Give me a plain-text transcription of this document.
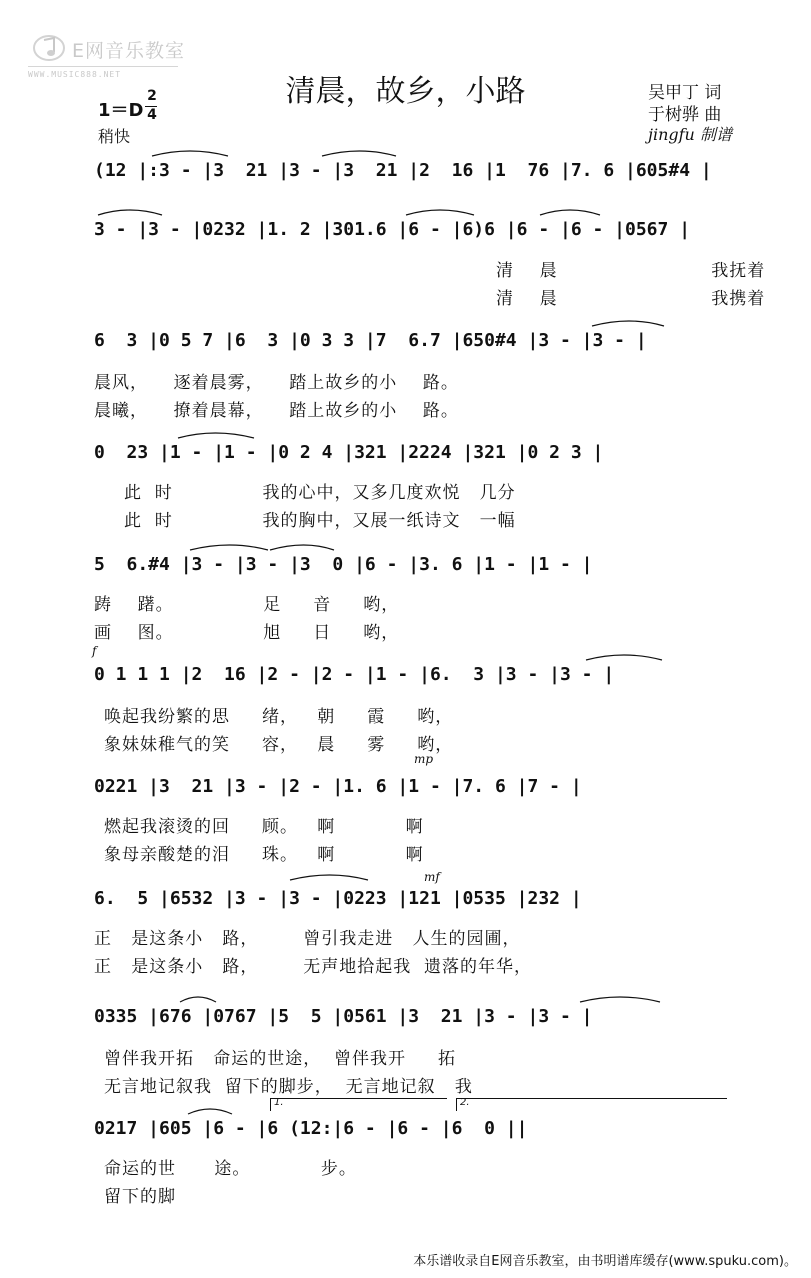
E网音乐教室

WWW.MUSIC888.NET	清晨，故乡，小路	吴甲丁 词
于树骅 曲
jingfu 制谱
1＝D
2
4
稍快
f
mp
mf
(12 |:3 - |3  21 |3 - |3  21 |2  16 |1  76 |7. 6 |605#4 |
3 - |3 - |0232 |1. 2 |301.6 |6 - |6)6 |6 - |6 - |0567 |
清    晨                        我抚着
清    晨                        我携着
6  3 |0 5 7 |6  3 |0 3 3 |7  6.7 |650#4 |3 - |3 - |
晨风，    逐着晨雾，    踏上故乡的小    路。
晨曦，    撩着晨幕，    踏上故乡的小    路。
0  23 |1 - |1 - |0 2 4 |321 |2224 |321 |0 2 3 |
此  时              我的心中，又多几度欢悦   几分
此  时              我的胸中，又展一纸诗文   一幅
5  6.#4 |3 - |3 - |3  0 |6 - |3. 6 |1 - |1 - |
踌    躇。              足     音     哟，
画    图。              旭     日     哟，
0 1 1 1 |2  16 |2 - |2 - |1 - |6.  3 |3 - |3 - |
唤起我纷繁的思     绪，   朝     霞     哟，
象妹妹稚气的笑     容，   晨     雾     哟，
0221 |3  21 |3 - |2 - |1. 6 |1 - |7. 6 |7 - |
燃起我滚烫的回     顾。   啊           啊
象母亲酸楚的泪     珠。   啊           啊
6.  5 |6532 |3 - |3 - |0223 |121 |0535 |232 |
正   是这条小   路，       曾引我走进   人生的园圃，
正   是这条小   路，       无声地拾起我  遗落的年华，
0335 |676 |0767 |5  5 |0561 |3  21 |3 - |3 - |
曾伴我开拓   命运的世途，  曾伴我开     拓
无言地记叙我  留下的脚步，  无言地记叙   我
0217 |605 |6 - |6 (12:|6 - |6 - |6  0 ||
命运的世      途。           步。
留下的脚

1.

	2.

本乐谱收录自E网音乐教室，由书明谱库缓存(www.spuku.com)。
